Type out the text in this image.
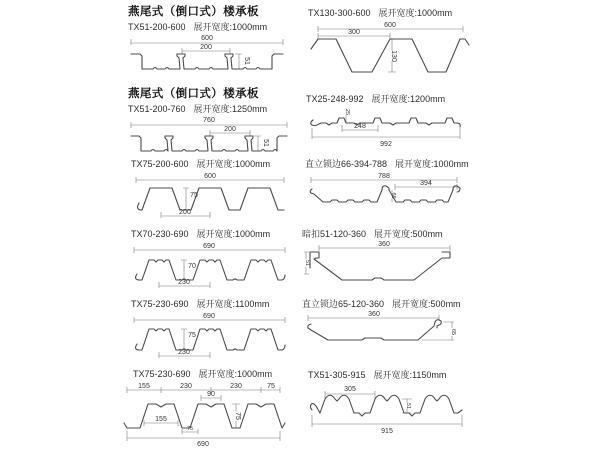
燕尾式（倒口式）楼承板
TX51-200-600 展开宽度:1000mm
600
200
51
燕尾式（倒口式）楼承板
TX51-200-760 展开宽度:1250mm
760
200
51
TX75-200-600 展开宽度:1000mm
600
75
200
TX70-230-690 展开宽度:1000mm
690
70
230
TX75-230-690 展开宽度:1100mm
690
75
230
TX75-230-690 展开宽度:1000mm
155	230	230	75
90
155
75
75
690
TX130-300-600 展开宽度:1000mm
600
300
130
TX25-248-992 展开宽度:1200mm
25
248
992
直立锁边66-394-788 展开宽度:1000mm
788
394
66
暗扣51-120-360 展开宽度:500mm
360
51
直立锁边65-120-360 展开宽度:500mm
360
65
TX51-305-915 展开宽度:1150mm
305
51
915
